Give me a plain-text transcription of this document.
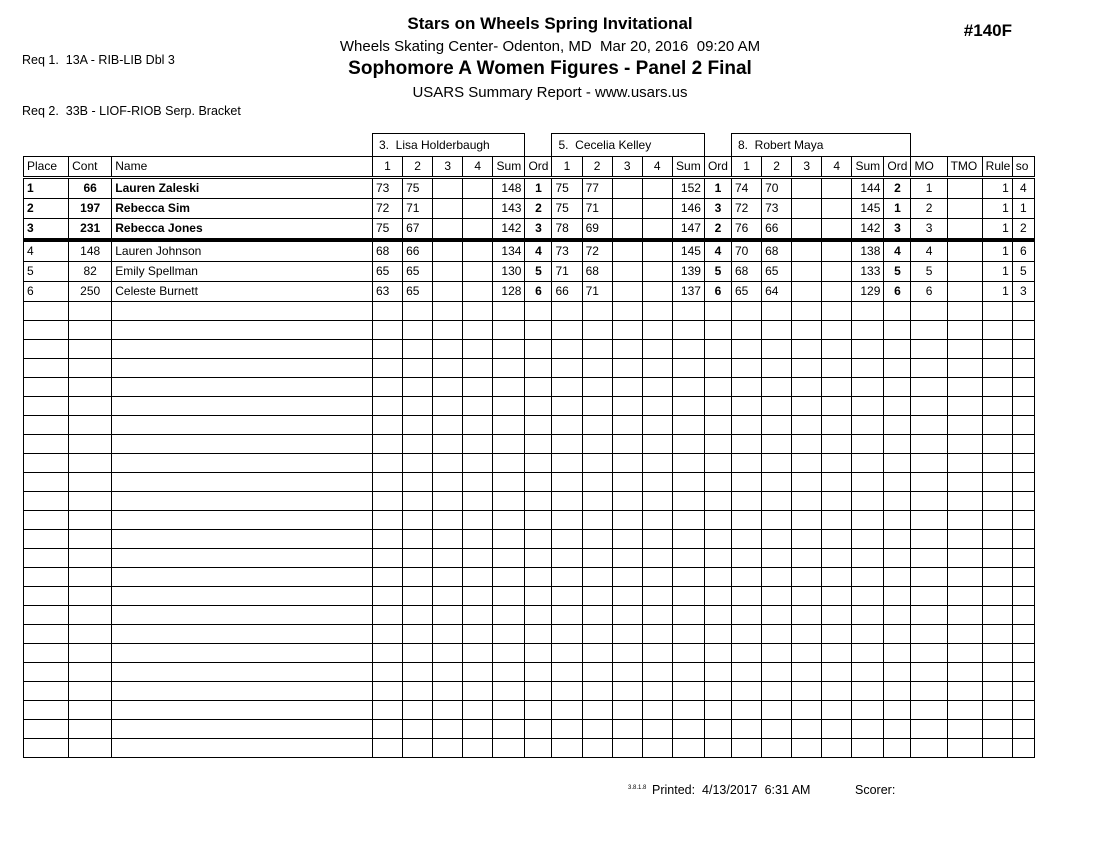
Req 1.  13A - RIB-LIB Dbl 3

Req 2.  33B - LIOF-RIOB Serp. Bracket

Stars on Wheels Spring Invitational
Wheels Skating Center- Odenton, MD  Mar 20, 2016  09:20 AM
Sophomore A Women Figures - Panel 2 Final
USARS Summary Report - www.usars.us
#140F
			3.  Lisa Holderbaugh						5.  Cecelia Kelley						8.  Robert Maya									
Place	Cont	Name	1	2	3	4	Sum	Ord	1	2	3	4	Sum	Ord	1	2	3	4	Sum	Ord	MO	TMO	Rule	so
1	66	Lauren Zaleski	73	75			148	1	75	77			152	1	74	70			144	2	1		1	4
2	197	Rebecca Sim	72	71			143	2	75	71			146	3	72	73			145	1	2		1	1
3	231	Rebecca Jones	75	67			142	3	78	69			147	2	76	66			142	3	3		1	2
4	148	Lauren Johnson	68	66			134	4	73	72			145	4	70	68			138	4	4		1	6
5	82	Emily Spellman	65	65			130	5	71	68			139	5	68	65			133	5	5		1	5
6	250	Celeste Burnett	63	65			128	6	66	71			137	6	65	64			129	6	6		1	3

3.8.1.8 Printed:  4/13/2017  6:31 AM	Scorer:
